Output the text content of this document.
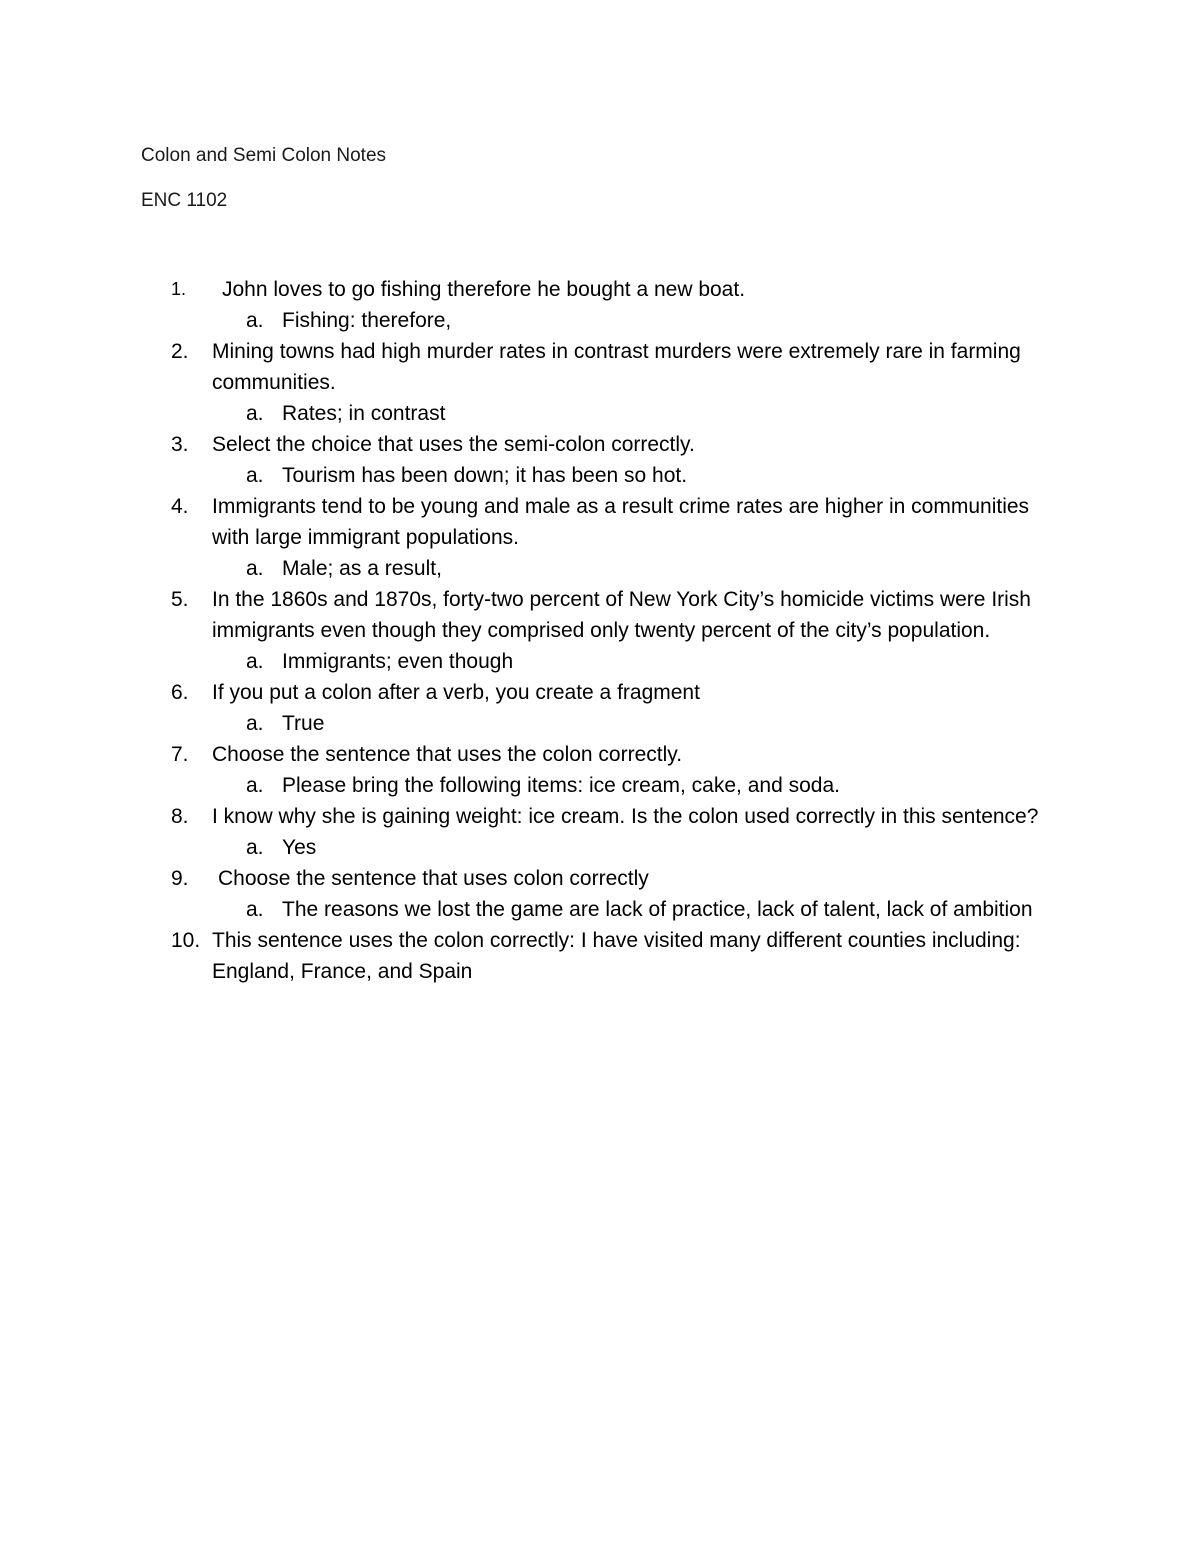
Colon and Semi Colon Notes
ENC 1102
1.	John loves to go fishing therefore he bought a new boat.
a. Fishing: therefore,
2.	Mining towns had high murder rates in contrast murders were extremely rare in farming
communities.
a. Rates; in contrast
3.	Select the choice that uses the semi-colon correctly.
a. Tourism has been down; it has been so hot.
4.	Immigrants tend to be young and male as a result crime rates are higher in communities
with large immigrant populations.
a. Male; as a result,
5.	In the 1860s and 1870s, forty-two percent of New York City’s homicide victims were Irish
immigrants even though they comprised only twenty percent of the city’s population.
a. Immigrants; even though
6.	If you put a colon after a verb, you create a fragment
a. True
7.	Choose the sentence that uses the colon correctly.
a. Please bring the following items: ice cream, cake, and soda.
8.	I know why she is gaining weight: ice cream. Is the colon used correctly in this sentence?
a. Yes
9.	Choose the sentence that uses colon correctly
a. The reasons we lost the game are lack of practice, lack of talent, lack of ambition
10. This sentence uses the colon correctly: I have visited many different counties including:
England, France, and Spain
